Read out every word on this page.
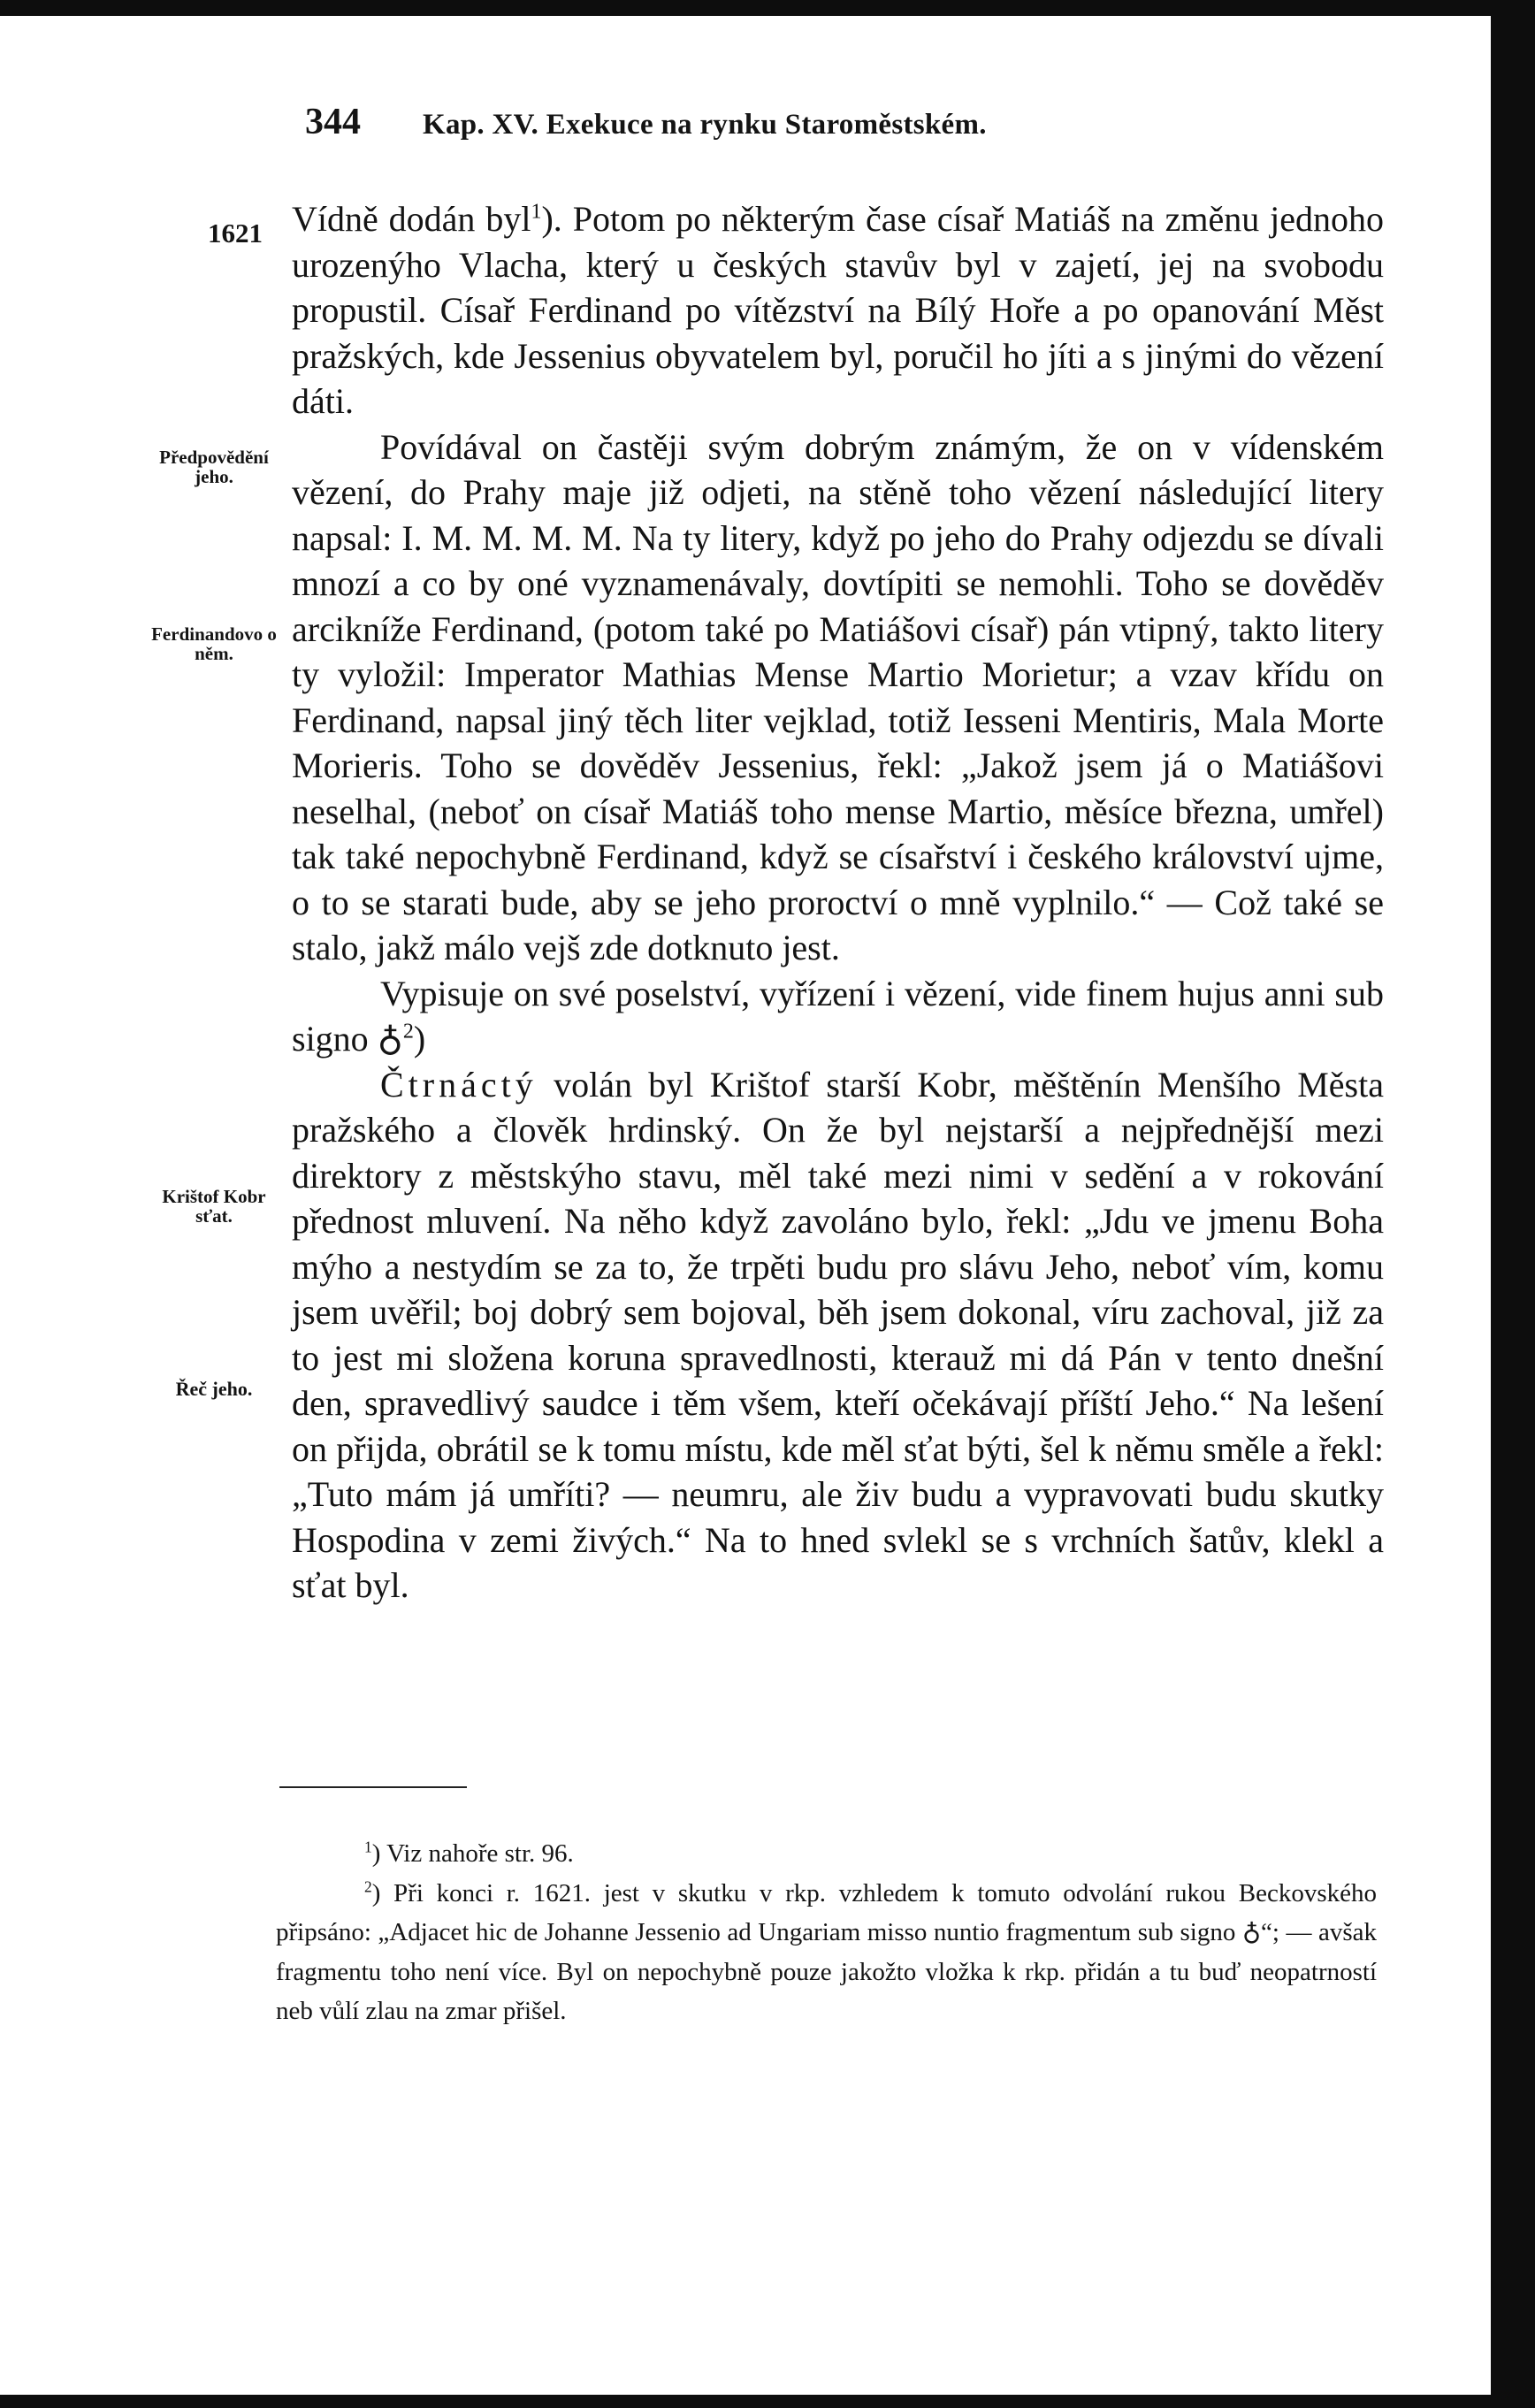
344 Kap. XV. Exekuce na rynku Staroměstském.
1621
Předpovědění jeho.
Ferdinandovo o něm.
Krištof Kobr sťat.
Řeč jeho.

Vídně dodán byl$^1$). Potom po některým čase císař Matiáš na změnu jednoho urozenýho Vlacha, který u českých stavův byl v zajetí, jej na svobodu propustil. Císař Ferdinand po vítězství na Bílý Hoře a po opanování Měst pražských, kde Jessenius obyvatelem byl, poručil ho jíti a s jinými do vězení dáti.

Povídával on častěji svým dobrým známým, že on v vídenském vězení, do Prahy maje již odjeti, na stěně toho vězení následující litery napsal: I. M. M. M. M. Na ty litery, když po jeho do Prahy odjezdu se dívali mnozí a co by oné vyznamenávaly, dovtípiti se nemohli. Toho se dověděv arcikníže Ferdinand, (potom také po Matiášovi císař) pán vtipný, takto litery ty vyložil: Imperator Mathias Mense Martio Morietur; a vzav křídu on Ferdinand, napsal jiný těch liter vejklad, totiž Iesseni Mentiris, Mala Morte Morieris. Toho se dověděv Jessenius, řekl: „Jakož jsem já o Matiášovi neselhal, (neboť on císař Matiáš toho mense Martio, měsíce března, umřel) tak také nepochybně Ferdinand, když se císařství i českého království ujme, o to se starati bude, aby se jeho proroctví o mně vyplnilo.“ — Což také se stalo, jakž málo vejš zde dotknuto jest.

Vypisuje on své poselství, vyřízení i vězení, vide finem hujus anni sub signo ♁$^2$)

Čtrnáctý volán byl Krištof starší Kobr, měštěnín Menšího Města pražského a člověk hrdinský. On že byl nejstarší a nejpřednější mezi direktory z městskýho stavu, měl také mezi nimi v sedění a v rokování přednost mluvení. Na něho když zavoláno bylo, řekl: „Jdu ve jmenu Boha mýho a nestydím se za to, že trpěti budu pro slávu Jeho, neboť vím, komu jsem uvěřil; boj dobrý sem bojoval, běh jsem dokonal, víru zachoval, již za to jest mi složena koruna spravedlnosti, kterauž mi dá Pán v tento dnešní den, spravedlivý saudce i těm všem, kteří očekávají příští Jeho.“ Na lešení on přijda, obrátil se k tomu místu, kde měl sťat býti, šel k němu směle a řekl: „Tuto mám já umříti? — neumru, ale živ budu a vypravovati budu skutky Hospodina v zemi živých.“ Na to hned svlekl se s vrchních šatův, klekl a sťat byl.

$^1$) Viz nahoře str. 96.

$^2$) Při konci r. 1621. jest v skutku v rkp. vzhledem k tomuto odvolání rukou Beckovského připsáno: „Adjacet hic de Johanne Jessenio ad Ungariam misso nuntio fragmentum sub signo ♁“; — avšak fragmentu toho není více. Byl on nepochybně pouze jakožto vložka k rkp. přidán a tu buď neopatrností neb vůlí zlau na zmar přišel.
